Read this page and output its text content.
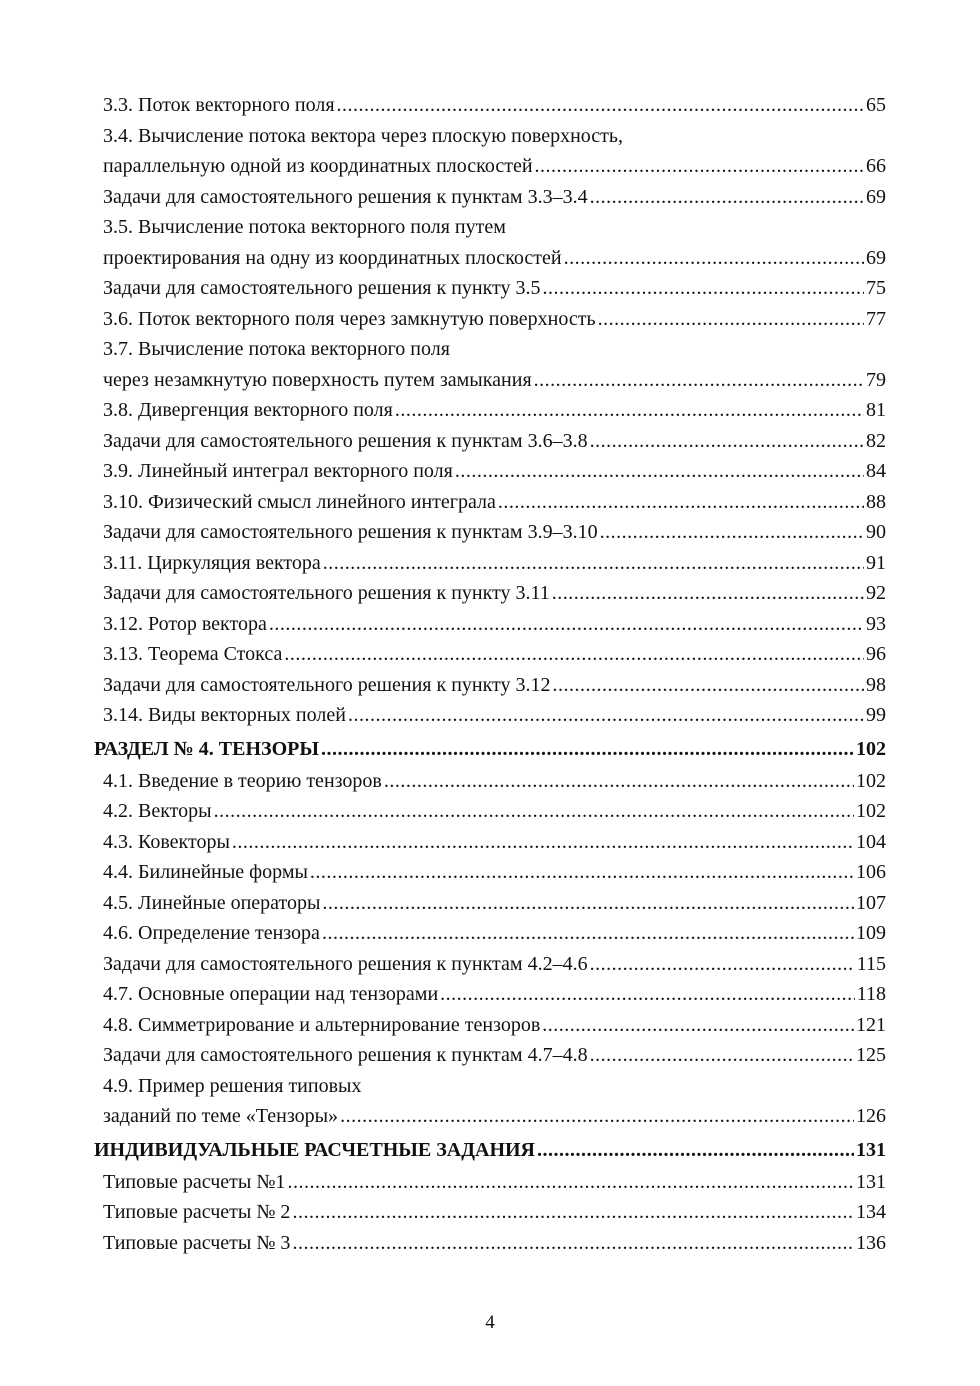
3.3. Поток векторного поля .....	65
3.4. Вычисление потока вектора через плоскую поверхность,
параллельную одной из координатных плоскостей .....	66
Задачи для самостоятельного решения к пунктам 3.3–3.4 .....	69
3.5. Вычисление потока векторного поля путем
проектирования на одну из координатных плоскостей .....	69
Задачи для самостоятельного решения к пункту 3.5 .....	75
3.6. Поток векторного поля через замкнутую поверхность .....	77
3.7. Вычисление потока векторного поля
через незамкнутую поверхность путем замыкания .....	79
3.8. Дивергенция векторного поля .....	81
Задачи для самостоятельного решения к пунктам 3.6–3.8 .....	82
3.9. Линейный интеграл векторного поля .....	84
3.10. Физический смысл линейного интеграла .....	88
Задачи для самостоятельного решения к пунктам 3.9–3.10 .....	90
3.11. Циркуляция вектора .....	91
Задачи для самостоятельного решения к пункту 3.11 .....	92
3.12. Ротор вектора .....	93
3.13. Теорема Стокса .....	96
Задачи для самостоятельного решения к пункту 3.12 .....	98
3.14. Виды векторных полей .....	99
РАЗДЕЛ № 4. ТЕНЗОРЫ .....	102
4.1. Введение в теорию тензоров .....	102
4.2. Векторы .....	102
4.3. Ковекторы .....	104
4.4. Билинейные формы .....	106
4.5. Линейные операторы .....	107
4.6. Определение тензора .....	109
Задачи для самостоятельного решения к пунктам 4.2–4.6 .....	115
4.7. Основные операции над тензорами .....	118
4.8. Симметрирование и альтернирование тензоров .....	121
Задачи для самостоятельного решения к пунктам 4.7–4.8 .....	125
4.9. Пример решения типовых
заданий по теме «Тензоры» .....	126
ИНДИВИДУАЛЬНЫЕ РАСЧЕТНЫЕ ЗАДАНИЯ .....	131
Типовые расчеты №1 .....	131
Типовые расчеты № 2 .....	134
Типовые расчеты № 3 .....	136
4
